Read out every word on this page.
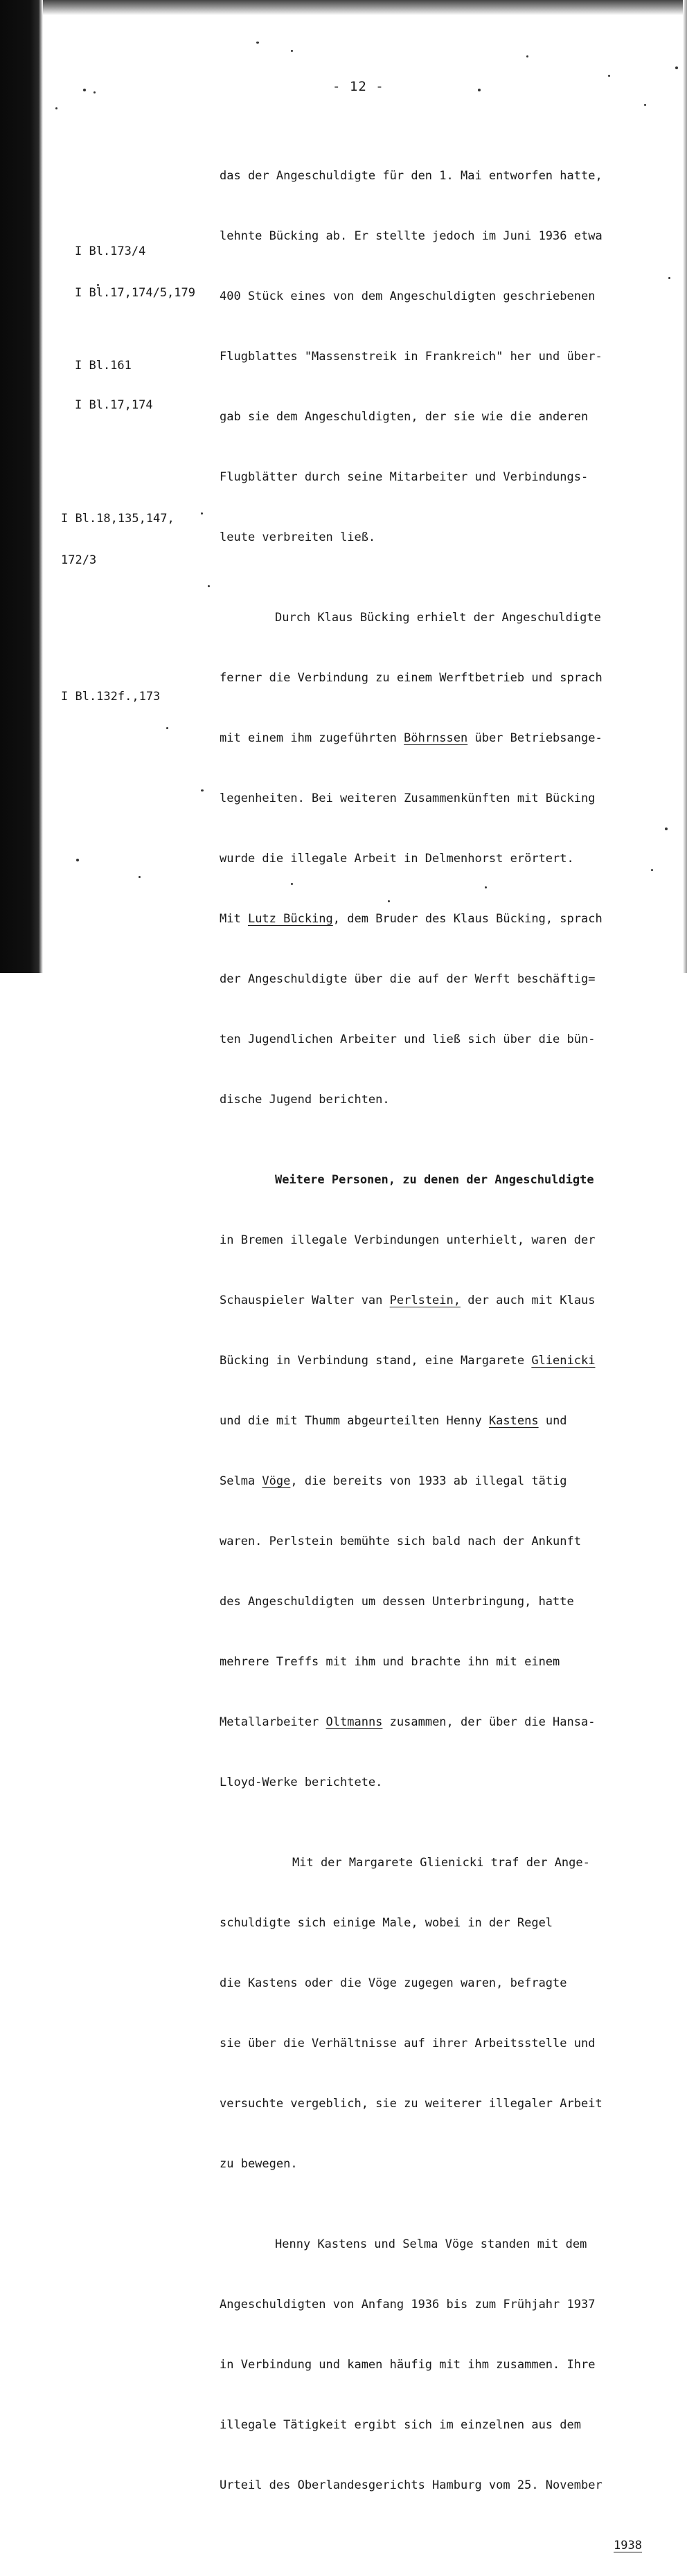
- 12 -

I Bl.173/4

I Bl.17,174/5,179

I Bl.161

I Bl.17,174

I Bl.18,135,147,

172/3

I Bl.132f.,173

das der Angeschuldigte für den 1. Mai entworfen hatte,

lehnte Bücking ab. Er stellte jedoch im Juni 1936 etwa

400 Stück eines von dem Angeschuldigten geschriebenen

Flugblattes "Massenstreik in Frankreich" her und über-

gab sie dem Angeschuldigten, der sie wie die anderen

Flugblätter durch seine Mitarbeiter und Verbindungs-

leute verbreiten ließ.

Durch Klaus Bücking erhielt der Angeschuldigte

ferner die Verbindung zu einem Werftbetrieb und sprach

mit einem ihm zugeführten Böhrnssen über Betriebsange-

legenheiten. Bei weiteren Zusammenkünften mit Bücking

wurde die illegale Arbeit in Delmenhorst erörtert.

Mit Lutz Bücking, dem Bruder des Klaus Bücking, sprach

der Angeschuldigte über die auf der Werft beschäftig=

ten Jugendlichen Arbeiter und ließ sich über die bün-

dische Jugend berichten.

Weitere Personen, zu denen der Angeschuldigte

in Bremen illegale Verbindungen unterhielt, waren der

Schauspieler Walter van Perlstein, der auch mit Klaus

Bücking in Verbindung stand, eine Margarete Glienicki

und die mit Thumm abgeurteilten Henny Kastens und

Selma Vöge, die bereits von 1933 ab illegal tätig

waren. Perlstein bemühte sich bald nach der Ankunft

des Angeschuldigten um dessen Unterbringung, hatte

mehrere Treffs mit ihm und brachte ihn mit einem

Metallarbeiter Oltmanns zusammen, der über die Hansa-

Lloyd-Werke berichtete.

Mit der Margarete Glienicki traf der Ange-

schuldigte sich einige Male, wobei in der Regel

die Kastens oder die Vöge zugegen waren, befragte

sie über die Verhältnisse auf ihrer Arbeitsstelle und

versuchte vergeblich, sie zu weiterer illegaler Arbeit

zu bewegen.

Henny Kastens und Selma Vöge standen mit dem

Angeschuldigten von Anfang 1936 bis zum Frühjahr 1937

in Verbindung und kamen häufig mit ihm zusammen. Ihre

illegale Tätigkeit ergibt sich im einzelnen aus dem

Urteil des Oberlandesgerichts Hamburg vom 25. November

1938
